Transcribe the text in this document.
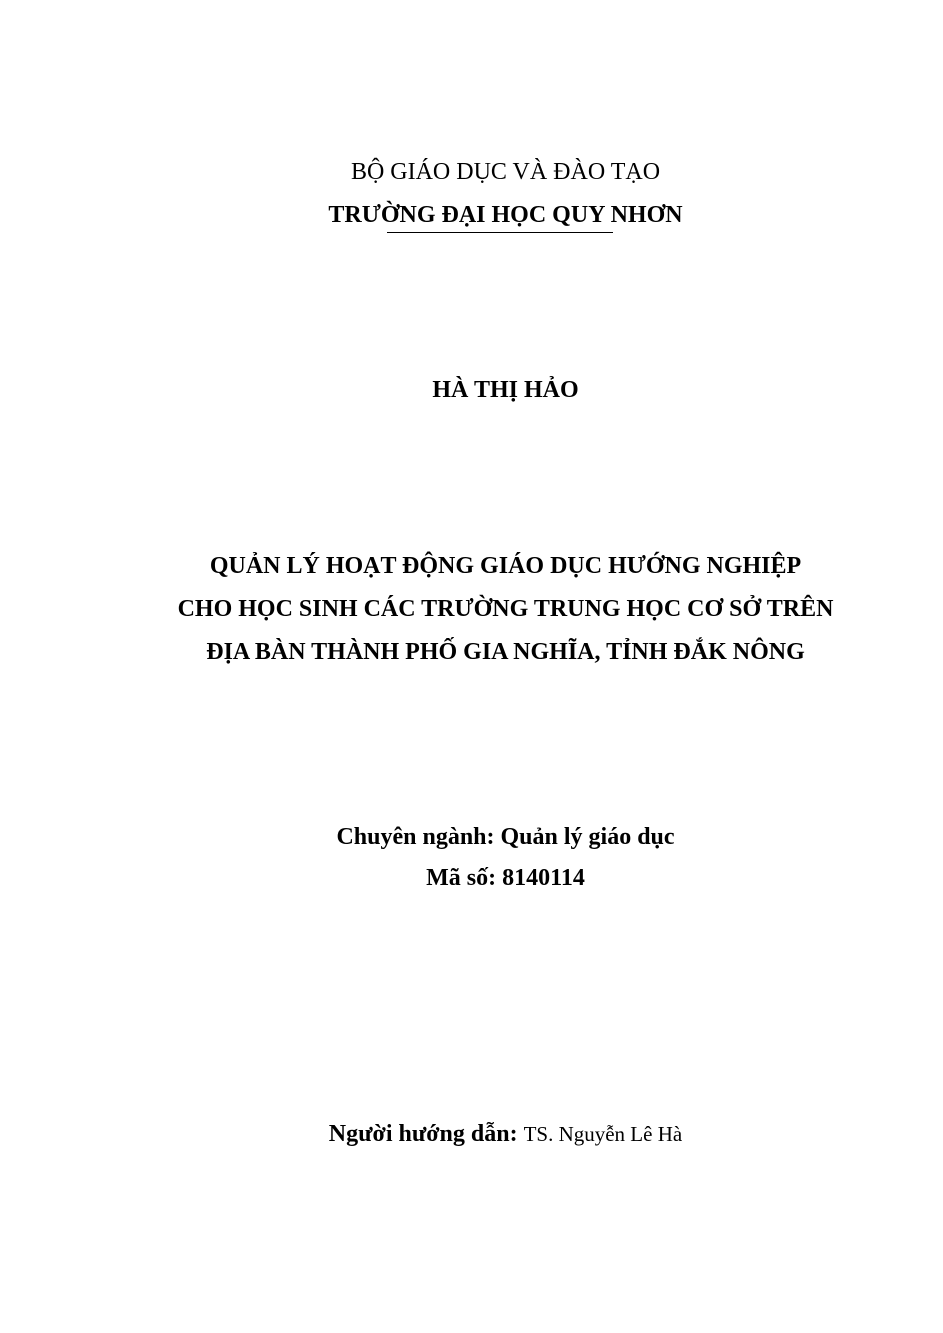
BỘ GIÁO DỤC VÀ ĐÀO TẠO
TRƯỜNG ĐẠI HỌC QUY NHƠN
HÀ THỊ HẢO
QUẢN LÝ HOẠT ĐỘNG GIÁO DỤC HƯỚNG NGHIỆP
CHO HỌC SINH CÁC TRƯỜNG TRUNG HỌC CƠ SỞ TRÊN
ĐỊA BÀN THÀNH PHỐ GIA NGHĨA, TỈNH ĐẮK NÔNG
Chuyên ngành: Quản lý giáo dục
Mã số: 8140114
Người hướng dẫn: TS. Nguyễn Lê Hà
